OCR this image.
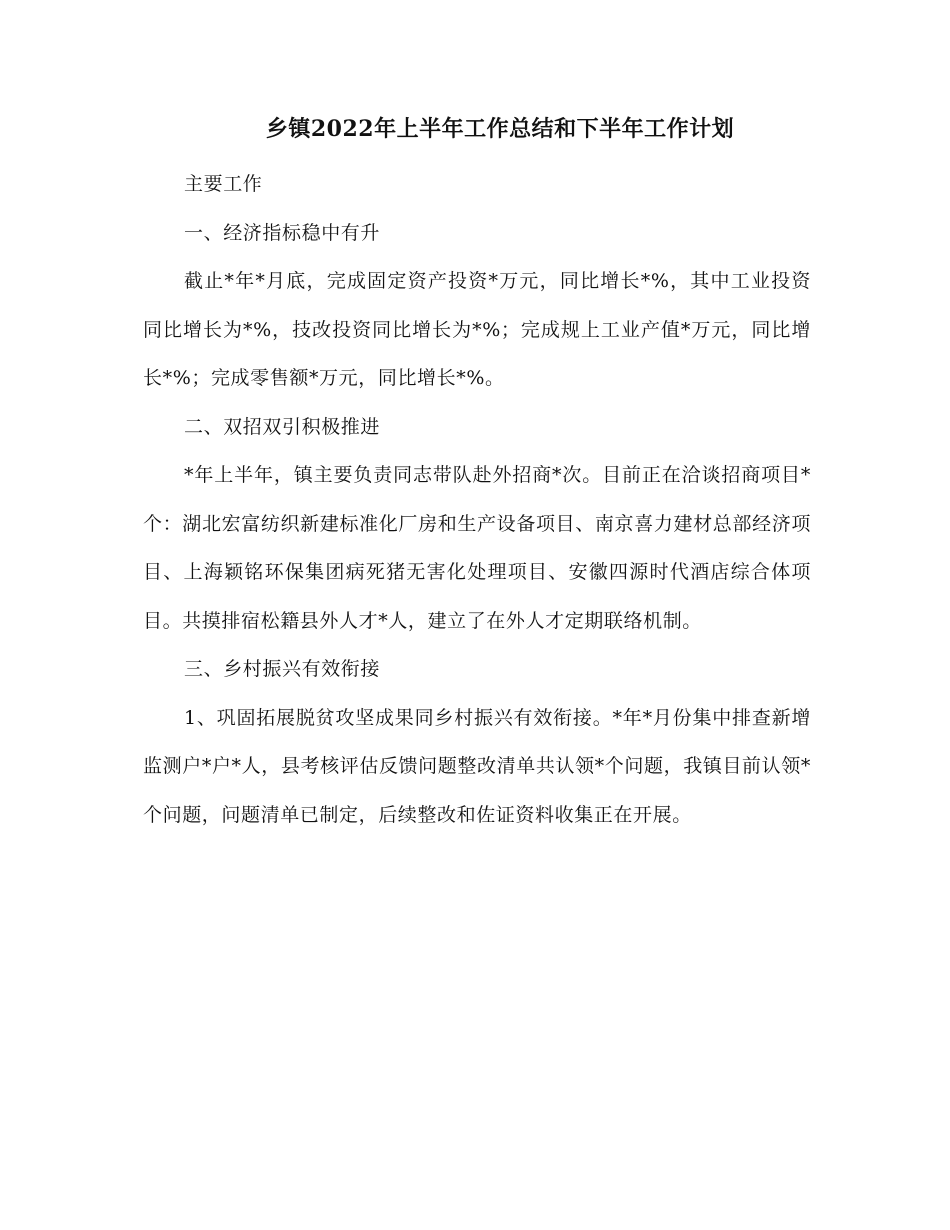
乡镇2022年上半年工作总结和下半年工作计划

主要工作

一、经济指标稳中有升

截止*年*月底，完成固定资产投资*万元，同比增长*%，其中工业投资同比增长为*%，技改投资同比增长为*%；完成规上工业产值*万元，同比增长*%；完成零售额*万元，同比增长*%。

二、双招双引积极推进

*年上半年，镇主要负责同志带队赴外招商*次。目前正在洽谈招商项目*个：湖北宏富纺织新建标准化厂房和生产设备项目、南京喜力建材总部经济项目、上海颖铭环保集团病死猪无害化处理项目、安徽四源时代酒店综合体项目。共摸排宿松籍县外人才*人，建立了在外人才定期联络机制。

三、乡村振兴有效衔接

1、巩固拓展脱贫攻坚成果同乡村振兴有效衔接。*年*月份集中排查新增监测户*户*人，县考核评估反馈问题整改清单共认领*个问题，我镇目前认领*个问题，问题清单已制定，后续整改和佐证资料收集正在开展。
